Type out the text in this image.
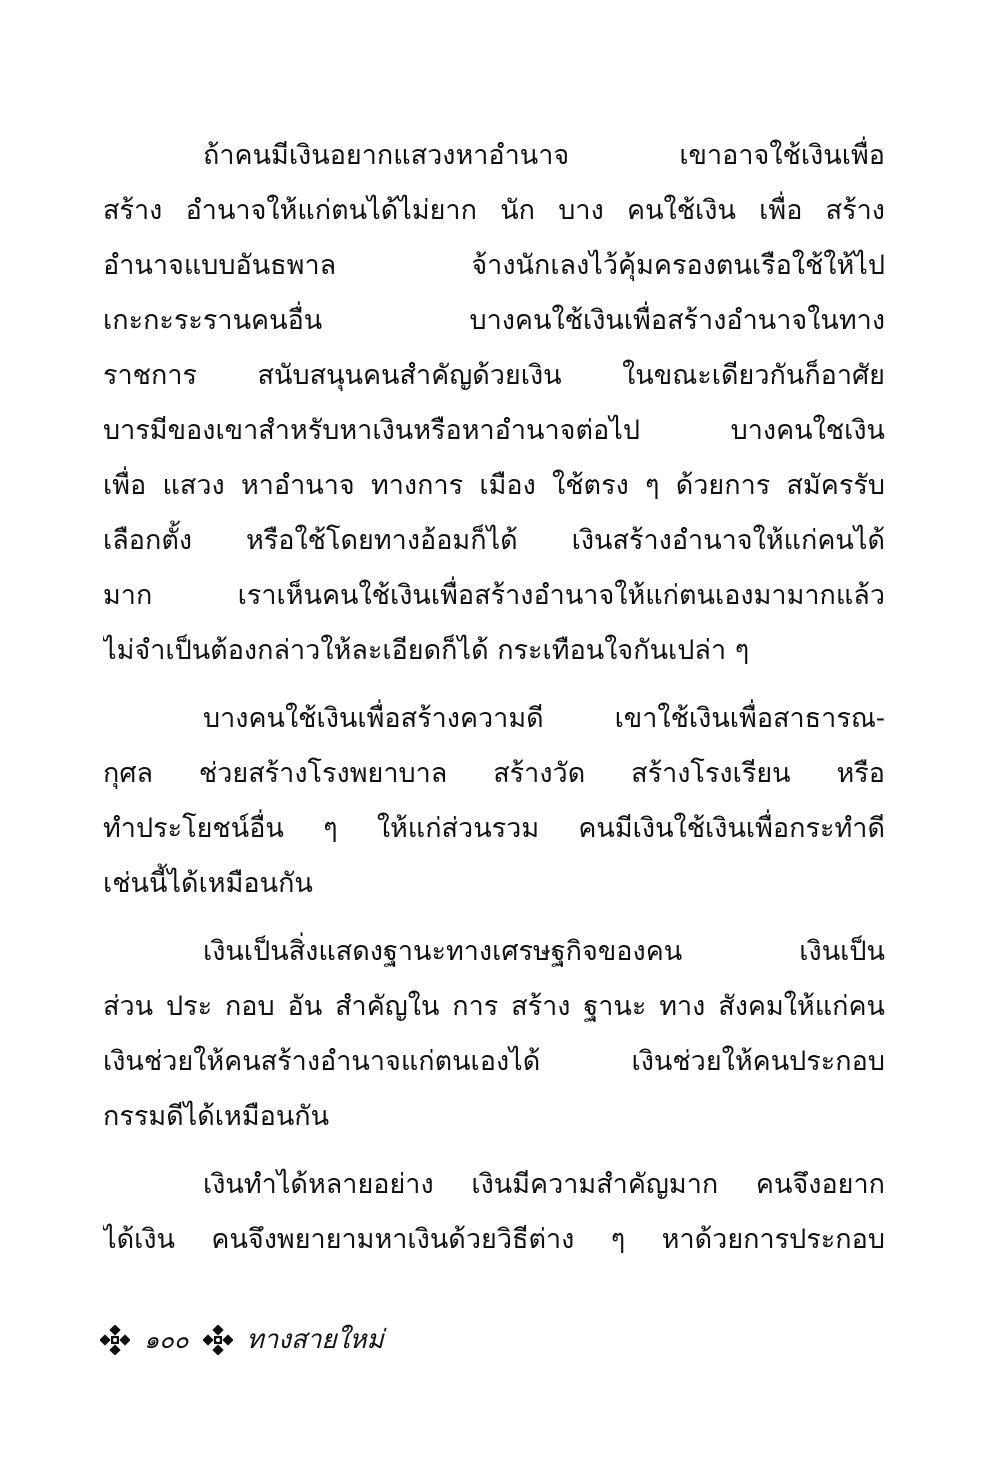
ถ้าคนมีเงินอยากแสวงหาอำนาจ เขาอาจใช้เงินเพื่อ
สร้าง อำนาจให้แก่ตนได้ไม่ยาก นัก บาง คนใช้เงิน เพื่อ สร้าง
อำนาจแบบอันธพาล จ้างนักเลงไว้คุ้มครองตนเรือใช้ให้ไป
เกะกะระรานคนอื่น บางคนใช้เงินเพื่อสร้างอำนาจในทาง
ราชการ สนับสนุนคนสำคัญด้วยเงิน ในขณะเดียวกันก็อาศัย
บารมีของเขาสำหรับหาเงินหรือหาอำนาจต่อไป บางคนใชเงิน
เพื่อ แสวง หาอำนาจ ทางการ เมือง ใช้ตรง ๆ ด้วยการ สมัครรับ
เลือกตั้ง หรือใช้โดยทางอ้อมก็ได้ เงินสร้างอำนาจให้แก่คนได้
มาก เราเห็นคนใช้เงินเพื่อสร้างอำนาจให้แก่ตนเองมามากแล้ว
ไม่จำเป็นต้องกล่าวให้ละเอียดก็ได้ กระเทือนใจกันเปล่า ๆ
บางคนใช้เงินเพื่อสร้างความดี เขาใช้เงินเพื่อสาธารณ-
กุศล ช่วยสร้างโรงพยาบาล สร้างวัด สร้างโรงเรียน หรือ
ทำประโยชน์อื่น ๆ ให้แก่ส่วนรวม คนมีเงินใช้เงินเพื่อกระทำดี
เช่นนี้ได้เหมือนกัน
เงินเป็นสิ่งแสดงฐานะทางเศรษฐกิจของคน เงินเป็น
ส่วน ประ กอบ อัน สำคัญใน การ สร้าง ฐานะ ทาง สังคมให้แก่คน
เงินช่วยให้คนสร้างอำนาจแก่ตนเองได้ เงินช่วยให้คนประกอบ
กรรมดีได้เหมือนกัน
เงินทำได้หลายอย่าง เงินมีความสำคัญมาก คนจึงอยาก
ได้เงิน คนจึงพยายามหาเงินด้วยวิธีต่าง ๆ หาด้วยการประกอบ
๑๐๐ ทางสายใหม่
